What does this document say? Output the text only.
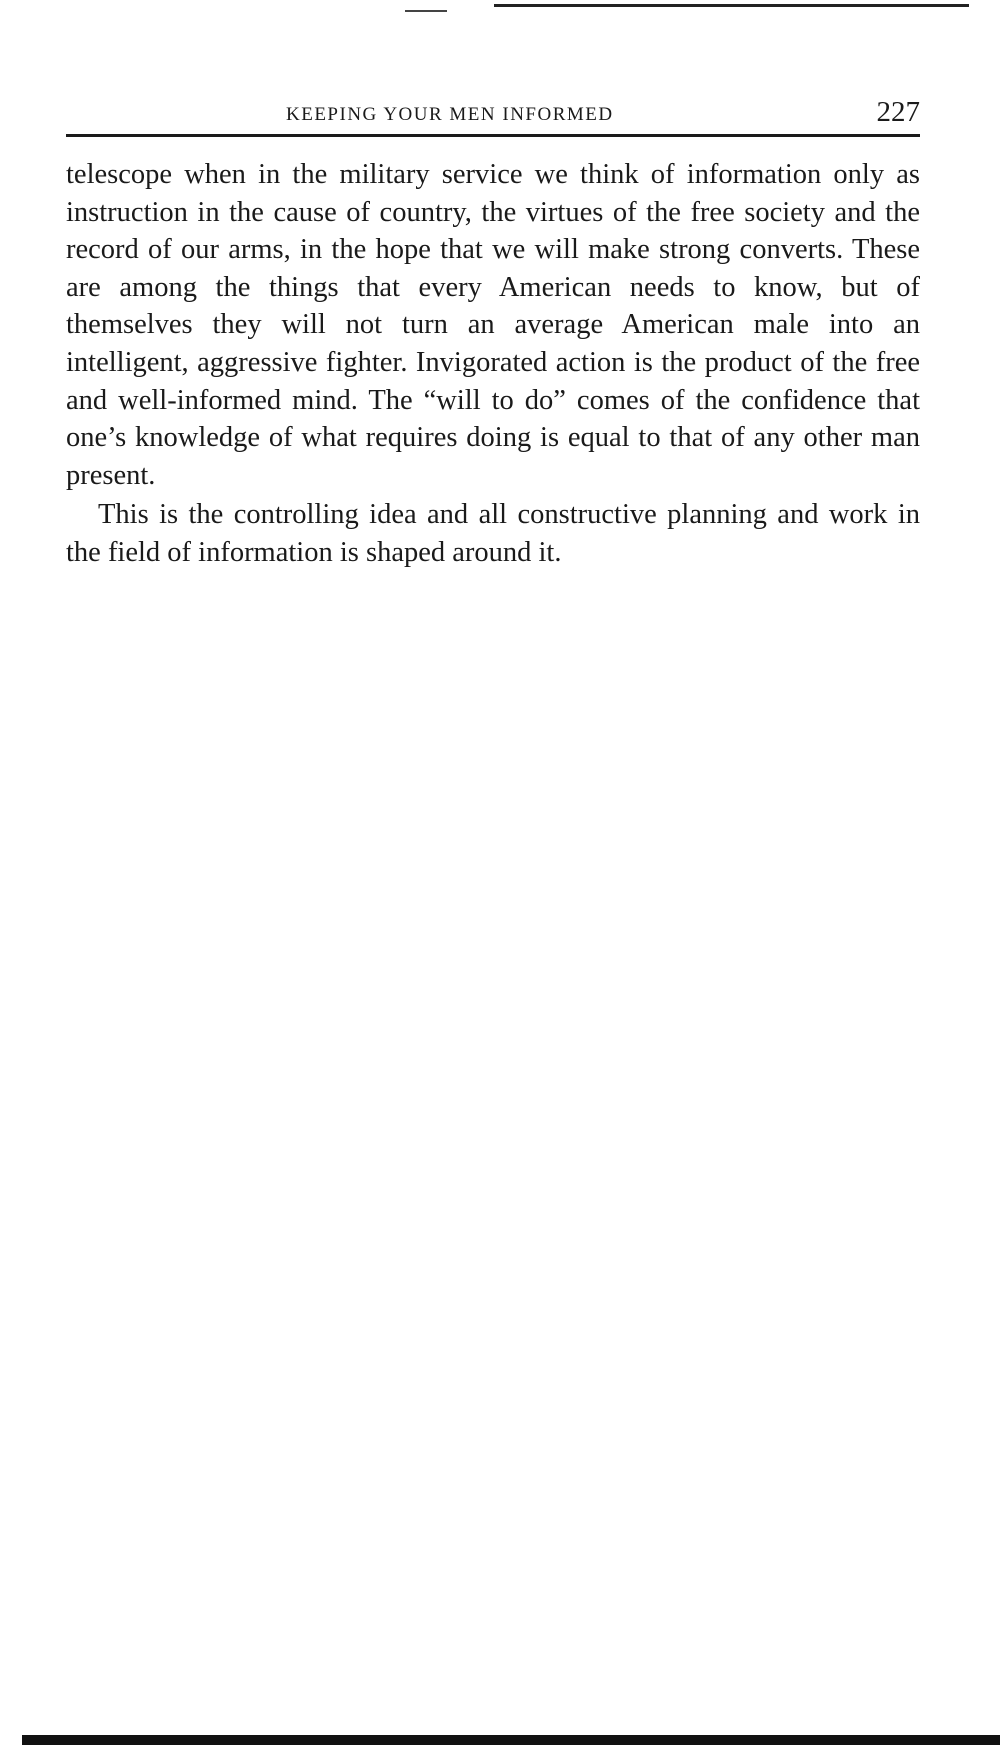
KEEPING YOUR MEN INFORMED	227

telescope when in the military service we think of information only as instruction in the cause of country, the virtues of the free society and the record of our arms, in the hope that we will make strong converts. These are among the things that every American needs to know, but of themselves they will not turn an average American male into an intelligent, aggressive fighter. Invigorated action is the product of the free and well-informed mind. The “will to do” comes of the confidence that one’s knowledge of what requires doing is equal to that of any other man present.

This is the controlling idea and all constructive planning and work in the field of information is shaped around it.
